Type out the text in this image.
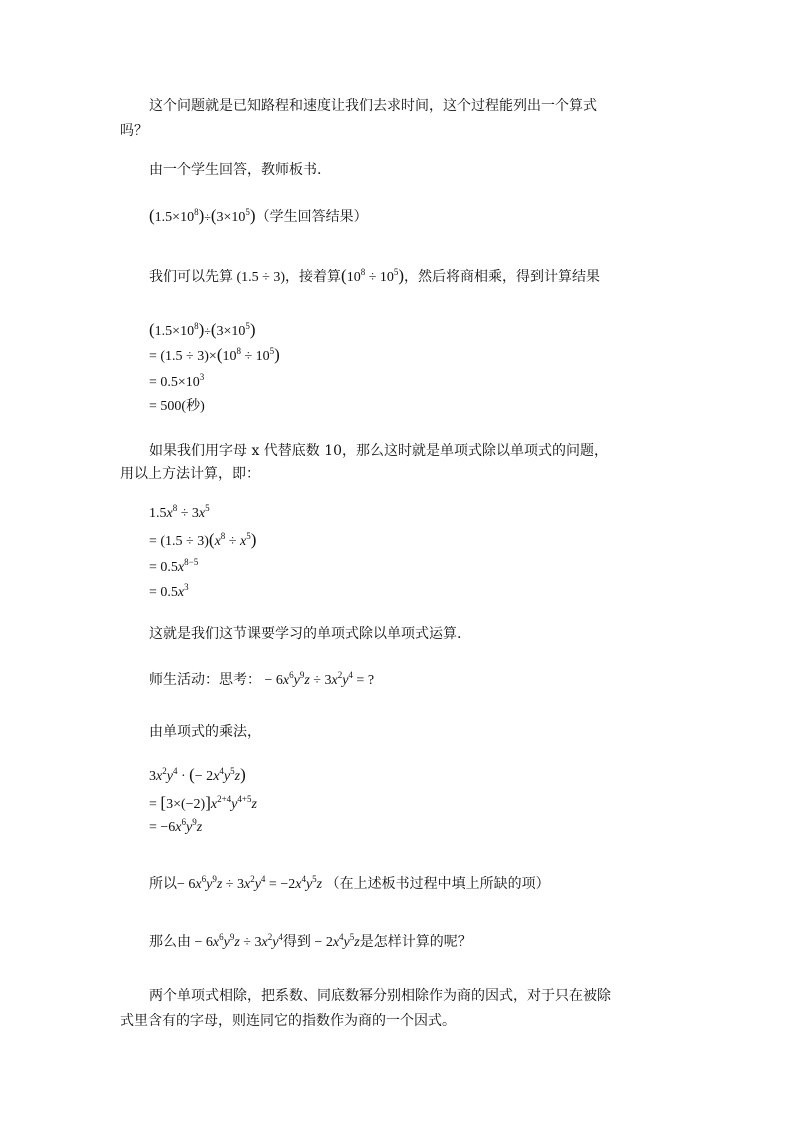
这个问题就是已知路程和速度让我们去求时间，这个过程能列出一个算式
吗？
由一个学生回答，教师板书.
$(1.5\times 10^8)\div(3\times 10^5)$（学生回答结果）
我们可以先算 (1.5 ÷ 3)，接着算$(10^8 \div 10^5)$，然后将商相乘，得到计算结果
$(1.5\times 10^8)\div(3\times 10^5)$
= $(1.5 \div 3)\times(10^8 \div 10^5)$
= $0.5\times 10^3$
= 500(秒)
如果我们用字母 x 代替底数 10，那么这时就是单项式除以单项式的问题，
用以上方法计算，即：
$1.5x^8 \div 3x^5$
= $(1.5 \div 3)(x^8 \div x^5)$
= $0.5x^{8-5}$
= $0.5x^3$
这就是我们这节课要学习的单项式除以单项式运算.
师生活动：思考： − $6x^6y^9z \div 3x^2y^4$ = ?
由单项式的乘法，
$3x^2y^4$ · (− $2x^4y^5z$)
= $[3\times(-2)]x^{2+4}y^{4+5}z$
= $-6x^6y^9z$
所以− $6x^6y^9z \div 3x^2y^4 = -2x^4y^5z$ （在上述板书过程中填上所缺的项）
那么由 − $6x^6y^9z \div 3x^2y^4$得到 − $2x^4y^5z$是怎样计算的呢？
两个单项式相除，把系数、同底数幂分别相除作为商的因式，对于只在被除
式里含有的字母，则连同它的指数作为商的一个因式。
